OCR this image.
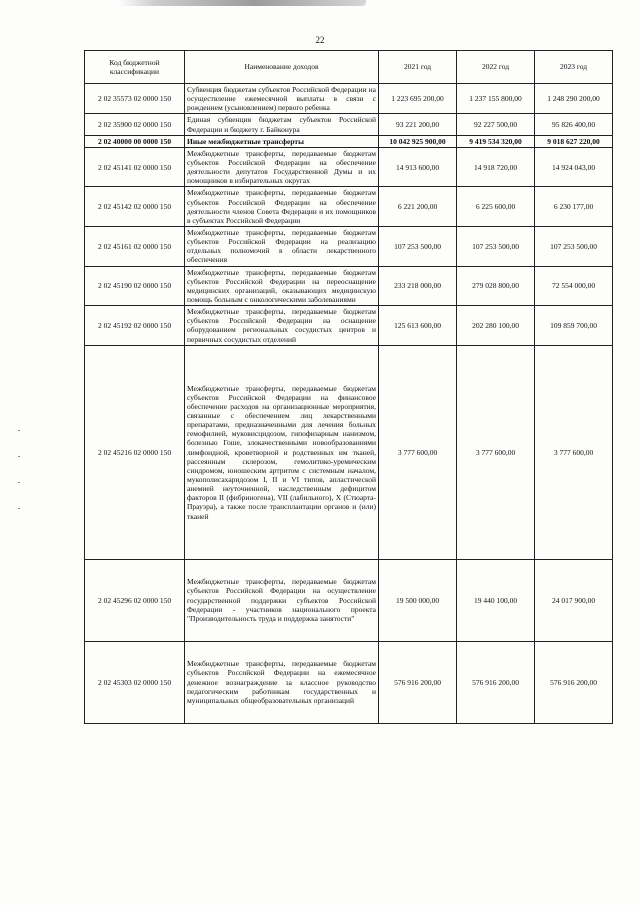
22
Код бюджетной классификации	Наименование доходов	2021 год	2022 год	2023 год
2 02 35573 02 0000 150	Субвенция бюджетам субъектов Российской Федерации на осуществление ежемесячной выплаты в связи с рождением (усыновлением) первого ребенка	1 223 695 200,00	1 237 155 800,00	1 248 290 200,00
2 02 35900 02 0000 150	Единая субвенция бюджетам субъектов Российской Федерации и бюджету г. Байконура	93 221 200,00	92 227 500,00	95 826 400,00
2 02 40000 00 0000 150	Иные межбюджетные трансферты	10 042 925 900,00	9 419 534 320,00	9 018 627 220,00
2 02 45141 02 0000 150	Межбюджетные трансферты, передаваемые бюджетам субъектов Российской Федерации на обеспечение деятельности депутатов Государственной Думы и их помощников в избирательных округах	14 913 600,00	14 918 720,00	14 924 043,00
2 02 45142 02 0000 150	Межбюджетные трансферты, передаваемые бюджетам субъектов Российской Федерации на обеспечение деятельности членов Совета Федерации и их помощников в субъектах Российской Федерации	6 221 200,00	6 225 600,00	6 230 177,00
2 02 45161 02 0000 150	Межбюджетные трансферты, передаваемые бюджетам субъектов Российской Федерации на реализацию отдельных полномочий в области лекарственного обеспечения	107 253 500,00	107 253 500,00	107 253 500,00
2 02 45190 02 0000 150	Межбюджетные трансферты, передаваемые бюджетам субъектов Российской Федерации на переоснащение медицинских организаций, оказывающих медицинскую помощь больным с онкологическими заболеваниями	233 218 000,00	279 028 800,00	72 554 000,00
2 02 45192 02 0000 150	Межбюджетные трансферты, передаваемые бюджетам субъектов Российской Федерации на оснащение оборудованием региональных сосудистых центров и первичных сосудистых отделений	125 613 600,00	202 280 100,00	109 859 700,00
2 02 45216 02 0000 150	Межбюджетные трансферты, передаваемые бюджетам субъектов Российской Федерации на финансовое обеспечение расходов на организационные мероприятия, связанные с обеспечением лиц лекарственными препаратами, предназначенными для лечения больных гемофилией, муковисцидозом, гипофизарным нанизмом, болезнью Гоше, злокачественными новообразованиями лимфоидной, кроветворной и родственных им тканей, рассеянным склерозом, гемолитико-уремическим синдромом, юношеским артритом с системным началом, мукополисахаридозом I, II и VI типов, апластической анемией неуточненной, наследственным дефицитом факторов II (фибриногена), VII (лабильного), X (Стюарта-Прауэра), а также после трансплантации органов и (или) тканей	3 777 600,00	3 777 600,00	3 777 600,00
2 02 45296 02 0000 150	Межбюджетные трансферты, передаваемые бюджетам субъектов Российской Федерации на осуществление государственной поддержки субъектов Российской Федерации - участников национального проекта "Производительность труда и поддержка занятости"	19 500 000,00	19 440 100,00	24 017 900,00
2 02 45303 02 0000 150	Межбюджетные трансферты, передаваемые бюджетам субъектов Российской Федерации на ежемесячное денежное вознаграждение за классное руководство педагогическим работникам государственных и муниципальных общеобразовательных организаций	576 916 200,00	576 916 200,00	576 916 200,00
